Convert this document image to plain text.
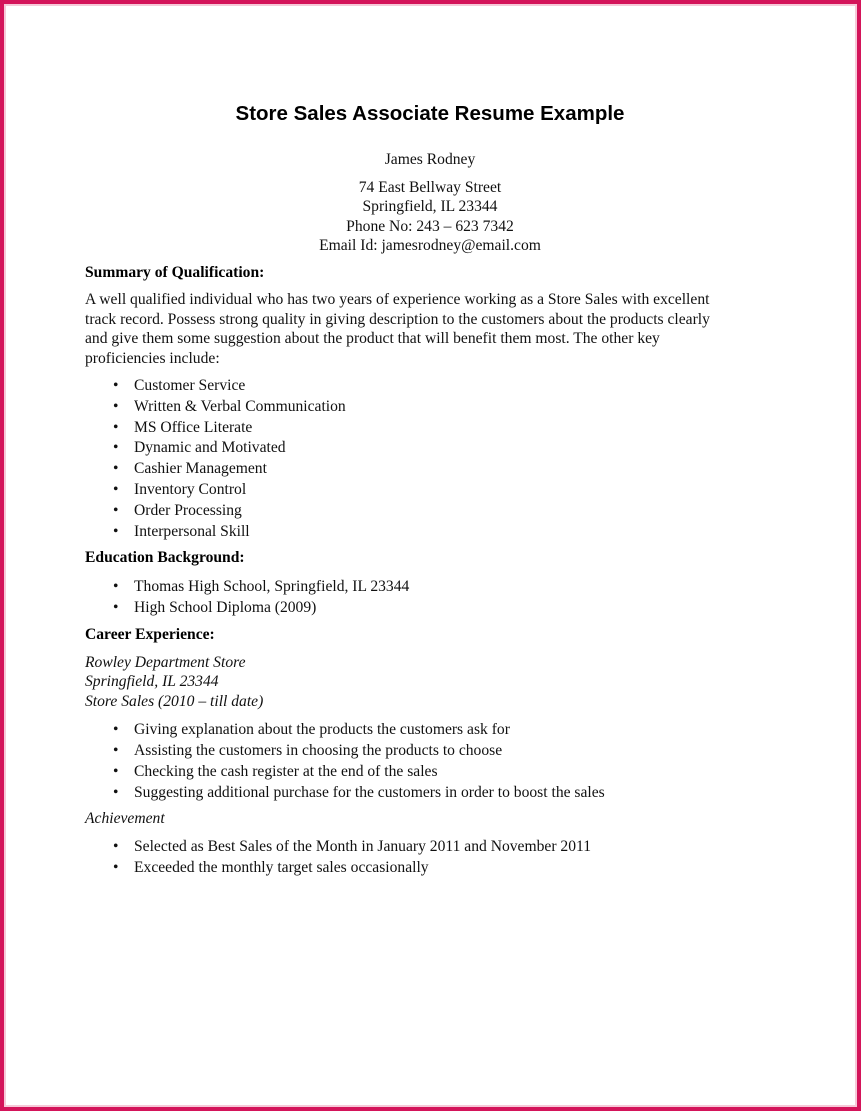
Store Sales Associate Resume Example
James Rodney
74 East Bellway Street
Springfield, IL 23344
Phone No: 243 – 623 7342
Email Id: jamesrodney@email.com
Summary of Qualification:
A well qualified individual who has two years of experience working as a Store Sales with excellent
track record. Possess strong quality in giving description to the customers about the products clearly
and give them some suggestion about the product that will benefit them most. The other key
proficiencies include:
• Customer Service
• Written & Verbal Communication
• MS Office Literate
• Dynamic and Motivated
• Cashier Management
• Inventory Control
• Order Processing
• Interpersonal Skill
Education Background:
• Thomas High School, Springfield, IL 23344
• High School Diploma (2009)
Career Experience:
Rowley Department Store
Springfield, IL 23344
Store Sales (2010 – till date)
• Giving explanation about the products the customers ask for
• Assisting the customers in choosing the products to choose
• Checking the cash register at the end of the sales
• Suggesting additional purchase for the customers in order to boost the sales
Achievement
• Selected as Best Sales of the Month in January 2011 and November 2011
• Exceeded the monthly target sales occasionally
